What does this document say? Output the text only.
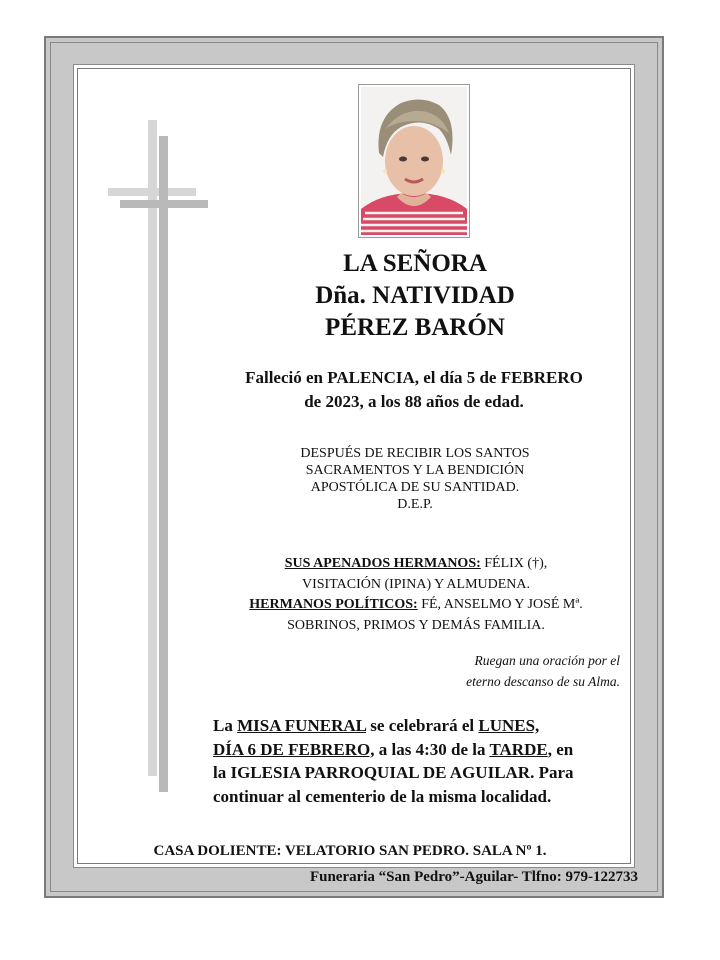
LA SEÑORA
Dña. NATIVIDAD
PÉREZ BARÓN
Falleció en PALENCIA, el día 5 de FEBRERO
de 2023, a los 88 años de edad.
DESPUÉS DE RECIBIR LOS SANTOS
SACRAMENTOS Y LA BENDICIÓN
APOSTÓLICA DE SU SANTIDAD.
D.E.P.
SUS APENADOS HERMANOS: FÉLIX (†),
VISITACIÓN (IPINA) Y ALMUDENA.
HERMANOS POLÍTICOS: FÉ, ANSELMO Y JOSÉ Mª.
SOBRINOS, PRIMOS Y DEMÁS FAMILIA.
Ruegan una oración por el
eterno descanso de su Alma.
La MISA FUNERAL se celebrará el LUNES,
DÍA 6 DE FEBRERO, a las 4:30 de la TARDE, en
la IGLESIA PARROQUIAL DE AGUILAR. Para
continuar al cementerio de la misma localidad.
CASA DOLIENTE: VELATORIO SAN PEDRO. SALA Nº 1.
Funeraria “San Pedro”-Aguilar- Tlfno: 979-122733
